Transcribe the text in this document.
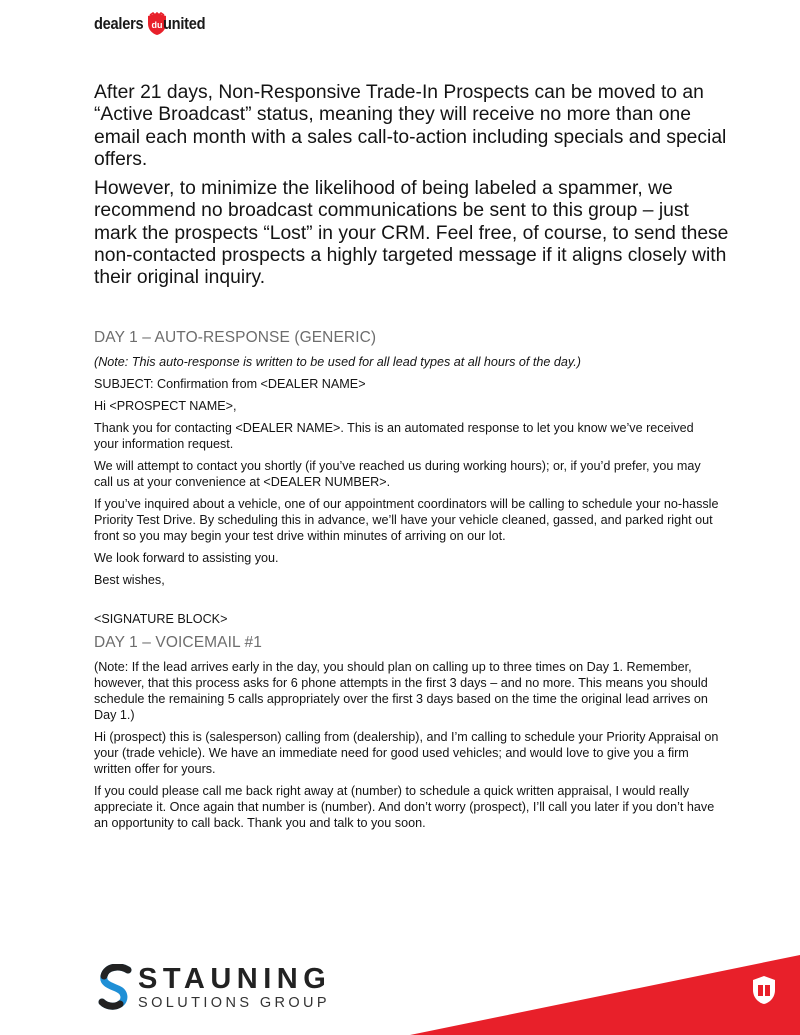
dealers du united

After 21 days, Non-Responsive Trade-In Prospects can be moved to an “Active Broadcast” status, meaning they will receive no more than one email each month with a sales call-to-action including specials and special offers.

However, to minimize the likelihood of being labeled a spammer, we recommend no broadcast communications be sent to this group – just mark the prospects “Lost” in your CRM. Feel free, of course, to send these non-contacted prospects a highly targeted message if it aligns closely with their original inquiry.

DAY 1 – AUTO-RESPONSE (GENERIC)

(Note: This auto-response is written to be used for all lead types at all hours of the day.)

SUBJECT: Confirmation from <DEALER NAME>

Hi <PROSPECT NAME>,

Thank you for contacting <DEALER NAME>. This is an automated response to let you know we’ve received your information request.

We will attempt to contact you shortly (if you’ve reached us during working hours); or, if you’d prefer, you may call us at your convenience at <DEALER NUMBER>.

If you’ve inquired about a vehicle, one of our appointment coordinators will be calling to schedule your no-hassle Priority Test Drive. By scheduling this in advance, we’ll have your vehicle cleaned, gassed, and parked right out front so you may begin your test drive within minutes of arriving on our lot.

We look forward to assisting you.

Best wishes,

<SIGNATURE BLOCK>

DAY 1 – VOICEMAIL #1

(Note: If the lead arrives early in the day, you should plan on calling up to three times on Day 1. Remember, however, that this process asks for 6 phone attempts in the first 3 days – and no more. This means you should schedule the remaining 5 calls appropriately over the first 3 days based on the time the original lead arrives on Day 1.)

Hi (prospect) this is (salesperson) calling from (dealership), and I’m calling to schedule your Priority Appraisal on your (trade vehicle). We have an immediate need for good used vehicles; and would love to give you a firm written offer for yours.

If you could please call me back right away at (number) to schedule a quick written appraisal, I would really appreciate it. Once again that number is (number). And don’t worry (prospect), I’ll call you later if you don’t have an opportunity to call back. Thank you and talk to you soon.

STAUNING
SOLUTIONS GROUP
